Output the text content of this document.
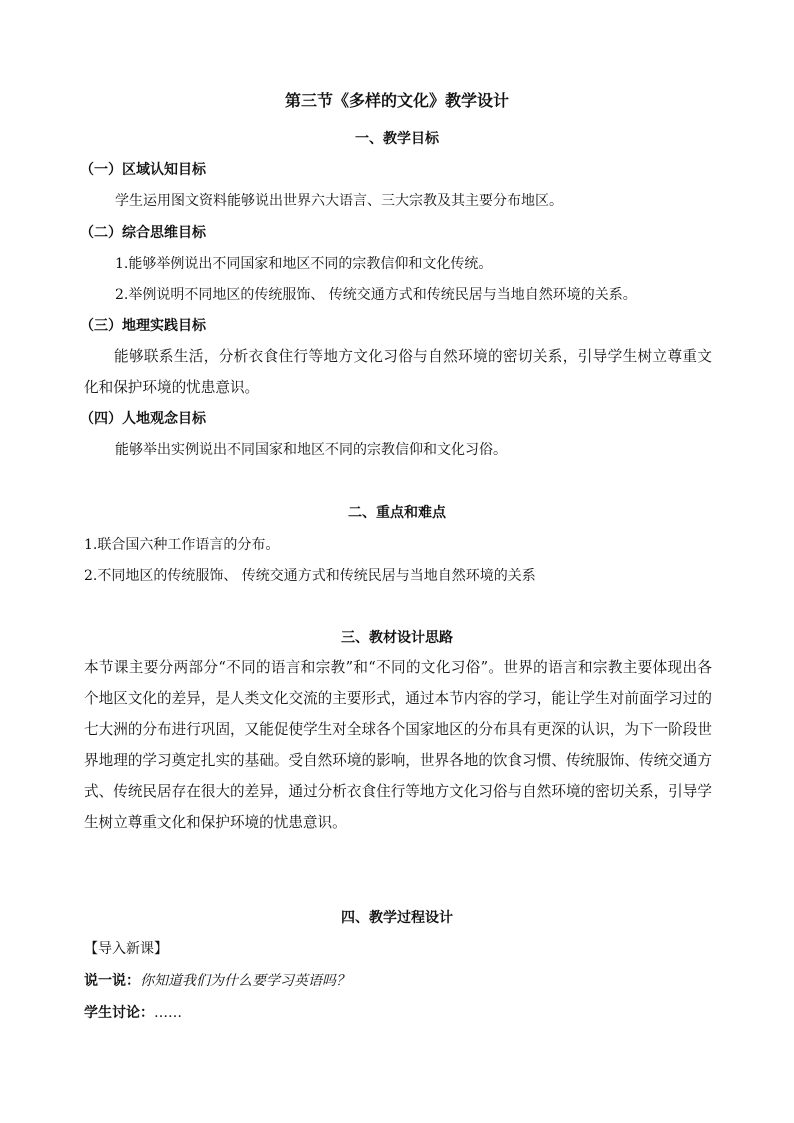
第三节《多样的文化》教学设计
一、教学目标
（一）区域认知目标
学生运用图文资料能够说出世界六大语言、三大宗教及其主要分布地区。
（二）综合思维目标
1.能够举例说出不同国家和地区不同的宗教信仰和文化传统。
2.举例说明不同地区的传统服饰、 传统交通方式和传统民居与当地自然环境的关系。
（三）地理实践目标
能够联系生活，分析衣食住行等地方文化习俗与自然环境的密切关系，引导学生树立尊重文化和保护环境的忧患意识。
（四）人地观念目标
能够举出实例说出不同国家和地区不同的宗教信仰和文化习俗。
二、重点和难点
1.联合国六种工作语言的分布。
2.不同地区的传统服饰、 传统交通方式和传统民居与当地自然环境的关系
三、教材设计思路
本节课主要分两部分“不同的语言和宗教”和“不同的文化习俗”。世界的语言和宗教主要体现出各个地区文化的差异，是人类文化交流的主要形式，通过本节内容的学习，能让学生对前面学习过的七大洲的分布进行巩固，又能促使学生对全球各个国家地区的分布具有更深的认识，为下一阶段世界地理的学习奠定扎实的基础。受自然环境的影响，世界各地的饮食习惯、传统服饰、传统交通方式、传统民居存在很大的差异，通过分析衣食住行等地方文化习俗与自然环境的密切关系，引导学生树立尊重文化和保护环境的忧患意识。
四、教学过程设计
【导入新课】
说一说：你知道我们为什么要学习英语吗？
学生讨论：……
